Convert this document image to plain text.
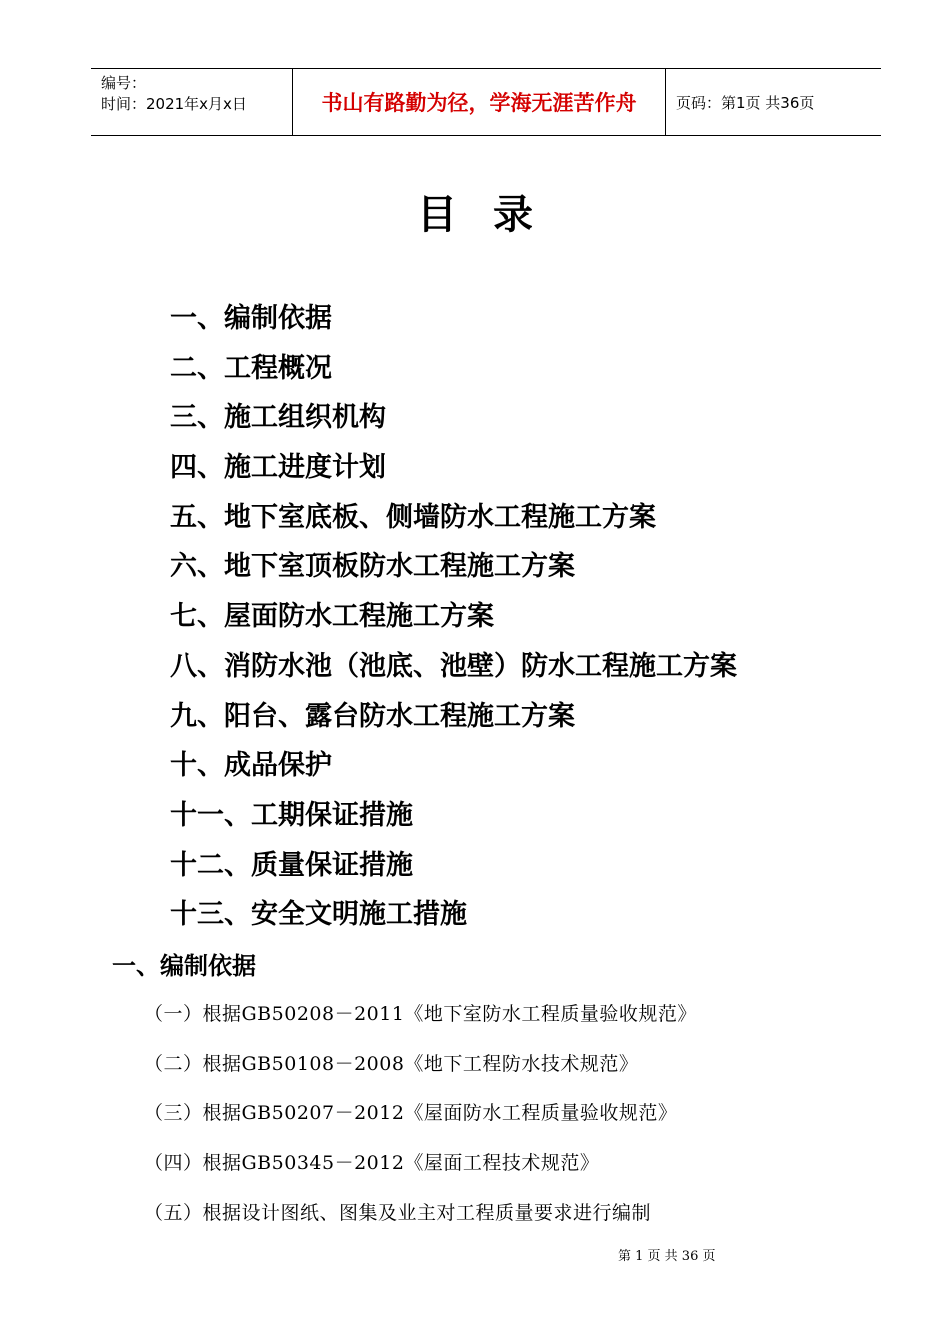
编号：
时间：2021年x月x日	书山有路勤为径，学海无涯苦作舟	页码：第1页 共36页
目录
一、编制依据
二、工程概况
三、施工组织机构
四、施工进度计划
五、地下室底板、侧墙防水工程施工方案
六、地下室顶板防水工程施工方案
七、屋面防水工程施工方案
八、消防水池（池底、池壁）防水工程施工方案
九、阳台、露台防水工程施工方案
十、成品保护
十一、工期保证措施
十二、质量保证措施
十三、安全文明施工措施
一、编制依据
（一）根据GB50208－2011《地下室防水工程质量验收规范》
（二）根据GB50108－2008《地下工程防水技术规范》
（三）根据GB50207－2012《屋面防水工程质量验收规范》
（四）根据GB50345－2012《屋面工程技术规范》
（五）根据设计图纸、图集及业主对工程质量要求进行编制
第 1 页 共 36 页
